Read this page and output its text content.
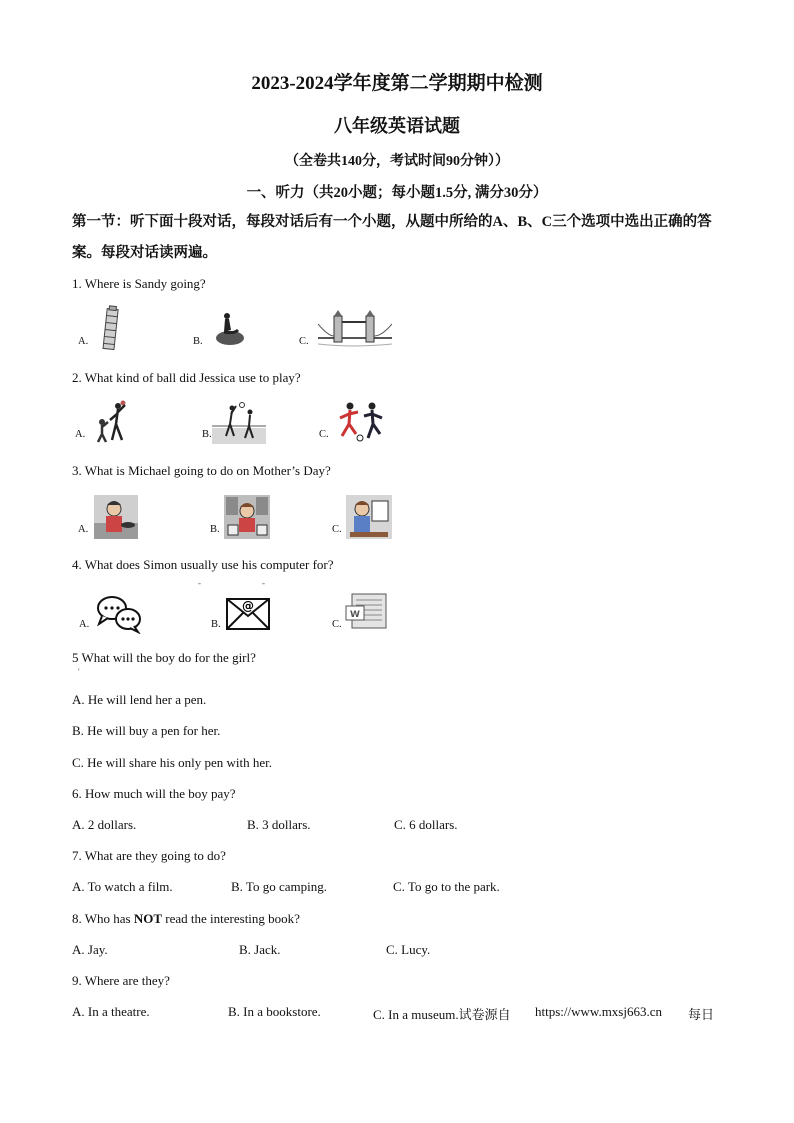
2023-2024学年度第二学期期中检测
八年级英语试题
（全卷共140分，考试时间90分钟））
一、听力（共20小题；每小题1.5分, 满分30分）
第一节：听下面十段对话，每段对话后有一个小题，从题中所给的A、B、C三个选项中选出正确的答案。每段对话读两遍。
1. Where is Sandy going?
A.	B.	C.
2. What kind of ball did Jessica use to play?
A.	B.	C.
3. What is Michael going to do on Mother’s Day?
A.	B.	C.
4. What does Simon usually use his computer for?
-	-
A.	B.
@
C.
W
5 What will the boy do for the girl?
'
A. He will lend her a pen.
B. He will buy a pen for her.
C. He will share his only pen with her.
6. How much will the boy pay?
A. 2 dollars.	B. 3 dollars.	C. 6 dollars.
7. What are they going to do?
A. To watch a film.	B. To go camping.	C. To go to the park.
8. Who has NOT read the interesting book?
A. Jay.	B. Jack.	C. Lucy.
9. Where are they?
A. In a theatre.	B. In a bookstore.	C. In a museum.试卷源自 https://www.mxsj663.cn 每日
